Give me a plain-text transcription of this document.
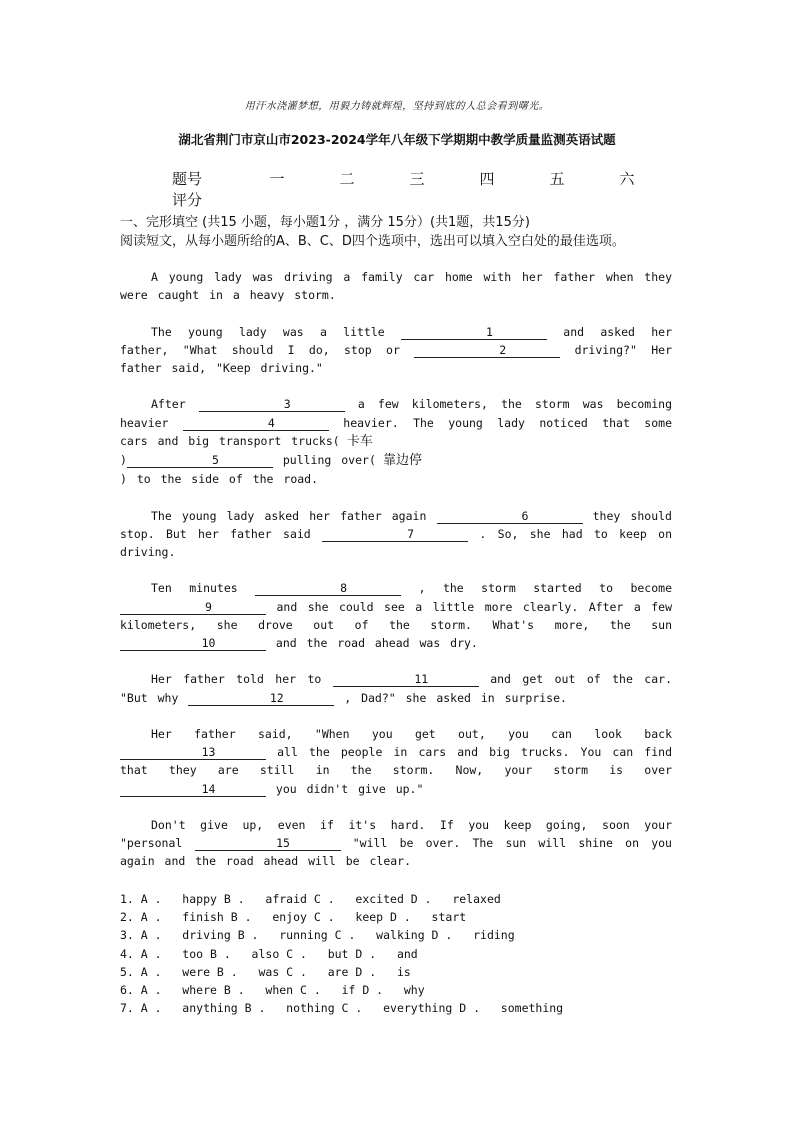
用汗水浇灌梦想，用毅力铸就辉煌，坚持到底的人总会看到曙光。
湖北省荆门市京山市2023-2024学年八年级下学期期中教学质量监测英语试题
题号	一	二	三	四	五	六
评分
一、完形填空 (共15 小题，每小题1分 ，满分 15分）(共1题，共15分)
阅读短文，从每小题所给的A、B、C、D四个选项中，选出可以填入空白处的最佳选项。

A young lady was driving a family car home with her father when they were caught in a heavy storm.

The young lady was a little	1	and asked her father, "What should I do, stop or	2	driving?" Her father said, "Keep driving."

After	3	a few kilometers, the storm was becoming heavier	4	heavier. The young lady noticed that some cars and big transport trucks( 卡车
)	5	pulling over( 靠边停
) to the side of the road.

The young lady asked her father again	6	they should stop. But her father said	7	. So, she had to keep on driving.

Ten minutes	8	, the storm started to become 9	and she could see a little more clearly. After a few kilometers, she drove out of the storm. What's more, the sun 10	and the road ahead was dry.

Her father told her to	11	and get out of the car. "But why	12	, Dad?" she asked in surprise.

Her father said, "When you get out, you can look back 13	all the people in cars and big trucks. You can find that they are still in the storm. Now, your storm is over 14	you didn't give up."

Don't give up, even if it's hard. If you keep going, soon your "personal	15	"will be over. The sun will shine on you again and the road ahead will be clear.

1. A .   happy B .   afraid C .   excited D .   relaxed
2. A .   finish B .   enjoy C .   keep D .   start
3. A .   driving B .   running C .   walking D .   riding
4. A .   too B .   also C .   but D .   and
5. A .   were B .   was C .   are D .   is
6. A .   where B .   when C .   if D .   why
7. A .   anything B .   nothing C .   everything D .   something
